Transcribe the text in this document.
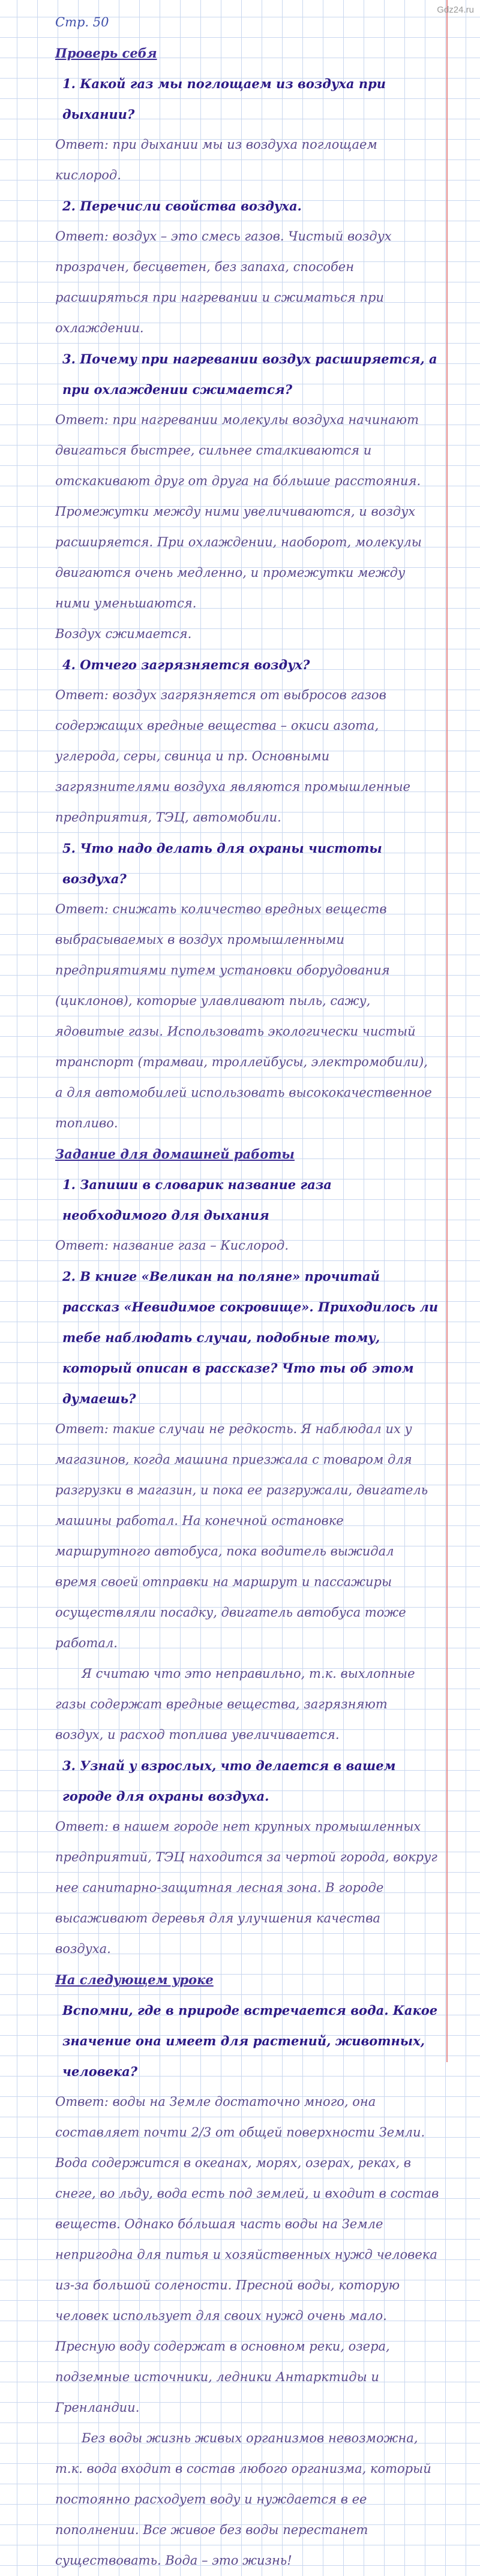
Gdz24.ru
Стр. 50
Проверь себя
1. Какой газ мы поглощаем из воздуха при дыхании?

Ответ: при дыхании мы из воздуха поглощаем кислород.

2. Перечисли свойства воздуха.

Ответ: воздух – это смесь газов. Чистый воздух прозрачен, бесцветен, без запаха, способен расширяться при нагревании и сжиматься при охлаждении.

3. Почему при нагревании воздух расширяется, а при охлаждении сжимается?

Ответ: при нагревании молекулы воздуха начинают двигаться быстрее, сильнее сталкиваются и отскакивают друг от друга на бóльшие расстояния. Промежутки между ними увеличиваются, и воздух расширяется. При охлаждении, наоборот, молекулы двигаются очень медленно, и промежутки между ними уменьшаются.

Воздух сжимается.

4. Отчего загрязняется воздух?

Ответ: воздух загрязняется от выбросов газов содержащих вредные вещества – окиси азота, углерода, серы, свинца и пр. Основными загрязнителями воздуха являются промышленные предприятия, ТЭЦ, автомобили.

5. Что надо делать для охраны чистоты воздуха?

Ответ: снижать количество вредных веществ выбрасываемых в воздух промышленными предприятиями путем установки оборудования (циклонов), которые улавливают пыль, сажу, ядовитые газы. Использовать экологически чистый транспорт (трамваи, троллейбусы, электромобили), а для автомобилей использовать высококачественное топливо.

Задание для домашней работы
1. Запиши в словарик название газа необходимого для дыхания

Ответ: название газа – Кислород.

2. В книге «Великан на поляне» прочитай рассказ «Невидимое сокровище». Приходилось ли тебе наблюдать случаи, подобные тому, который описан в рассказе? Что ты об этом думаешь?

Ответ: такие случаи не редкость. Я наблюдал их у магазинов, когда машина приезжала с товаром для разгрузки в магазин, и пока ее разгружали, двигатель машины работал. На конечной остановке маршрутного автобуса, пока водитель выжидал время своей отправки на маршрут и пассажиры осуществляли посадку, двигатель автобуса тоже работал.

Я считаю что это неправильно, т.к. выхлопные газы содержат вредные вещества, загрязняют воздух, и расход топлива увеличивается.

3. Узнай у взрослых, что делается в вашем городе для охраны воздуха.

Ответ: в нашем городе нет крупных промышленных предприятий, ТЭЦ находится за чертой города, вокруг нее санитарно-защитная лесная зона. В городе высаживают деревья для улучшения качества воздуха.

На следующем уроке
Вспомни, где в природе встречается вода. Какое значение она имеет для растений, животных, человека?

Ответ: воды на Земле достаточно много, она составляет почти 2/3 от общей поверхности Земли. Вода содержится в океанах, морях, озерах, реках, в снеге, во льду, вода есть под землей, и входит в состав веществ. Однако бóльшая часть воды на Земле непригодна для питья и хозяйственных нужд человека из-за большой солености. Пресной воды, которую человек использует для своих нужд очень мало. Пресную воду содержат в основном реки, озера, подземные источники, ледники Антарктиды и Гренландии.

Без воды жизнь живых организмов невозможна, т.к. вода входит в состав любого организма, который постоянно расходует воду и нуждается в ее пополнении. Все живое без воды перестанет существовать. Вода – это жизнь!
